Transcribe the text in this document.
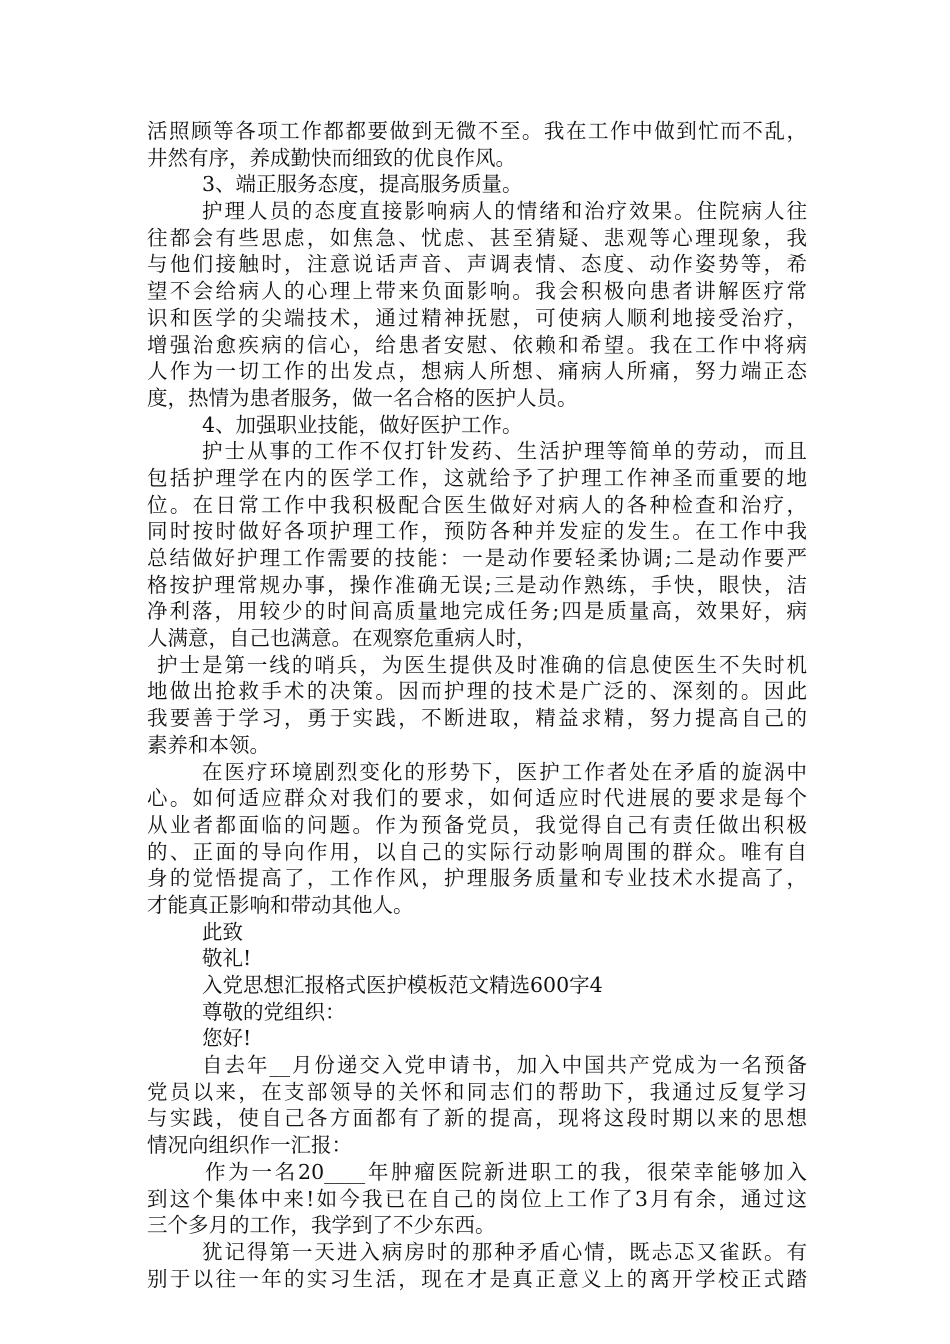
活照顾等各项工作都都要做到无微不至。我在工作中做到忙而不乱，
井然有序，养成勤快而细致的优良作风。
3、端正服务态度，提高服务质量。
护理人员的态度直接影响病人的情绪和治疗效果。住院病人往
往都会有些思虑，如焦急、忧虑、甚至猜疑、悲观等心理现象，我
与他们接触时，注意说话声音、声调表情、态度、动作姿势等，希
望不会给病人的心理上带来负面影响。我会积极向患者讲解医疗常
识和医学的尖端技术，通过精神抚慰，可使病人顺利地接受治疗，
增强治愈疾病的信心，给患者安慰、依赖和希望。我在工作中将病
人作为一切工作的出发点，想病人所想、痛病人所痛，努力端正态
度，热情为患者服务，做一名合格的医护人员。
4、加强职业技能，做好医护工作。
护士从事的工作不仅打针发药、生活护理等简单的劳动，而且
包括护理学在内的医学工作，这就给予了护理工作神圣而重要的地
位。在日常工作中我积极配合医生做好对病人的各种检查和治疗，
同时按时做好各项护理工作，预防各种并发症的发生。在工作中我
总结做好护理工作需要的技能：一是动作要轻柔协调;二是动作要严
格按护理常规办事，操作准确无误;三是动作熟练，手快，眼快，洁
净利落，用较少的时间高质量地完成任务;四是质量高，效果好，病
人满意，自己也满意。在观察危重病人时，
护士是第一线的哨兵，为医生提供及时准确的信息使医生不失时机
地做出抢救手术的决策。因而护理的技术是广泛的、深刻的。因此
我要善于学习，勇于实践，不断进取，精益求精，努力提高自己的
素养和本领。
在医疗环境剧烈变化的形势下，医护工作者处在矛盾的旋涡中
心。如何适应群众对我们的要求，如何适应时代进展的要求是每个
从业者都面临的问题。作为预备党员，我觉得自己有责任做出积极
的、正面的导向作用，以自己的实际行动影响周围的群众。唯有自
身的觉悟提高了，工作作风，护理服务质量和专业技术水提高了，
才能真正影响和带动其他人。
此致
敬礼!
入党思想汇报格式医护模板范文精选600字4
尊敬的党组织：
您好!
自去年__月份递交入党申请书，加入中国共产党成为一名预备
党员以来，在支部领导的关怀和同志们的帮助下，我通过反复学习
与实践，使自己各方面都有了新的提高，现将这段时期以来的思想
情况向组织作一汇报：
作为一名20____年肿瘤医院新进职工的我，很荣幸能够加入
到这个集体中来!如今我已在自己的岗位上工作了3月有余，通过这
三个多月的工作，我学到了不少东西。
犹记得第一天进入病房时的那种矛盾心情，既忐忑又雀跃。有
别于以往一年的实习生活，现在才是真正意义上的离开学校正式踏
